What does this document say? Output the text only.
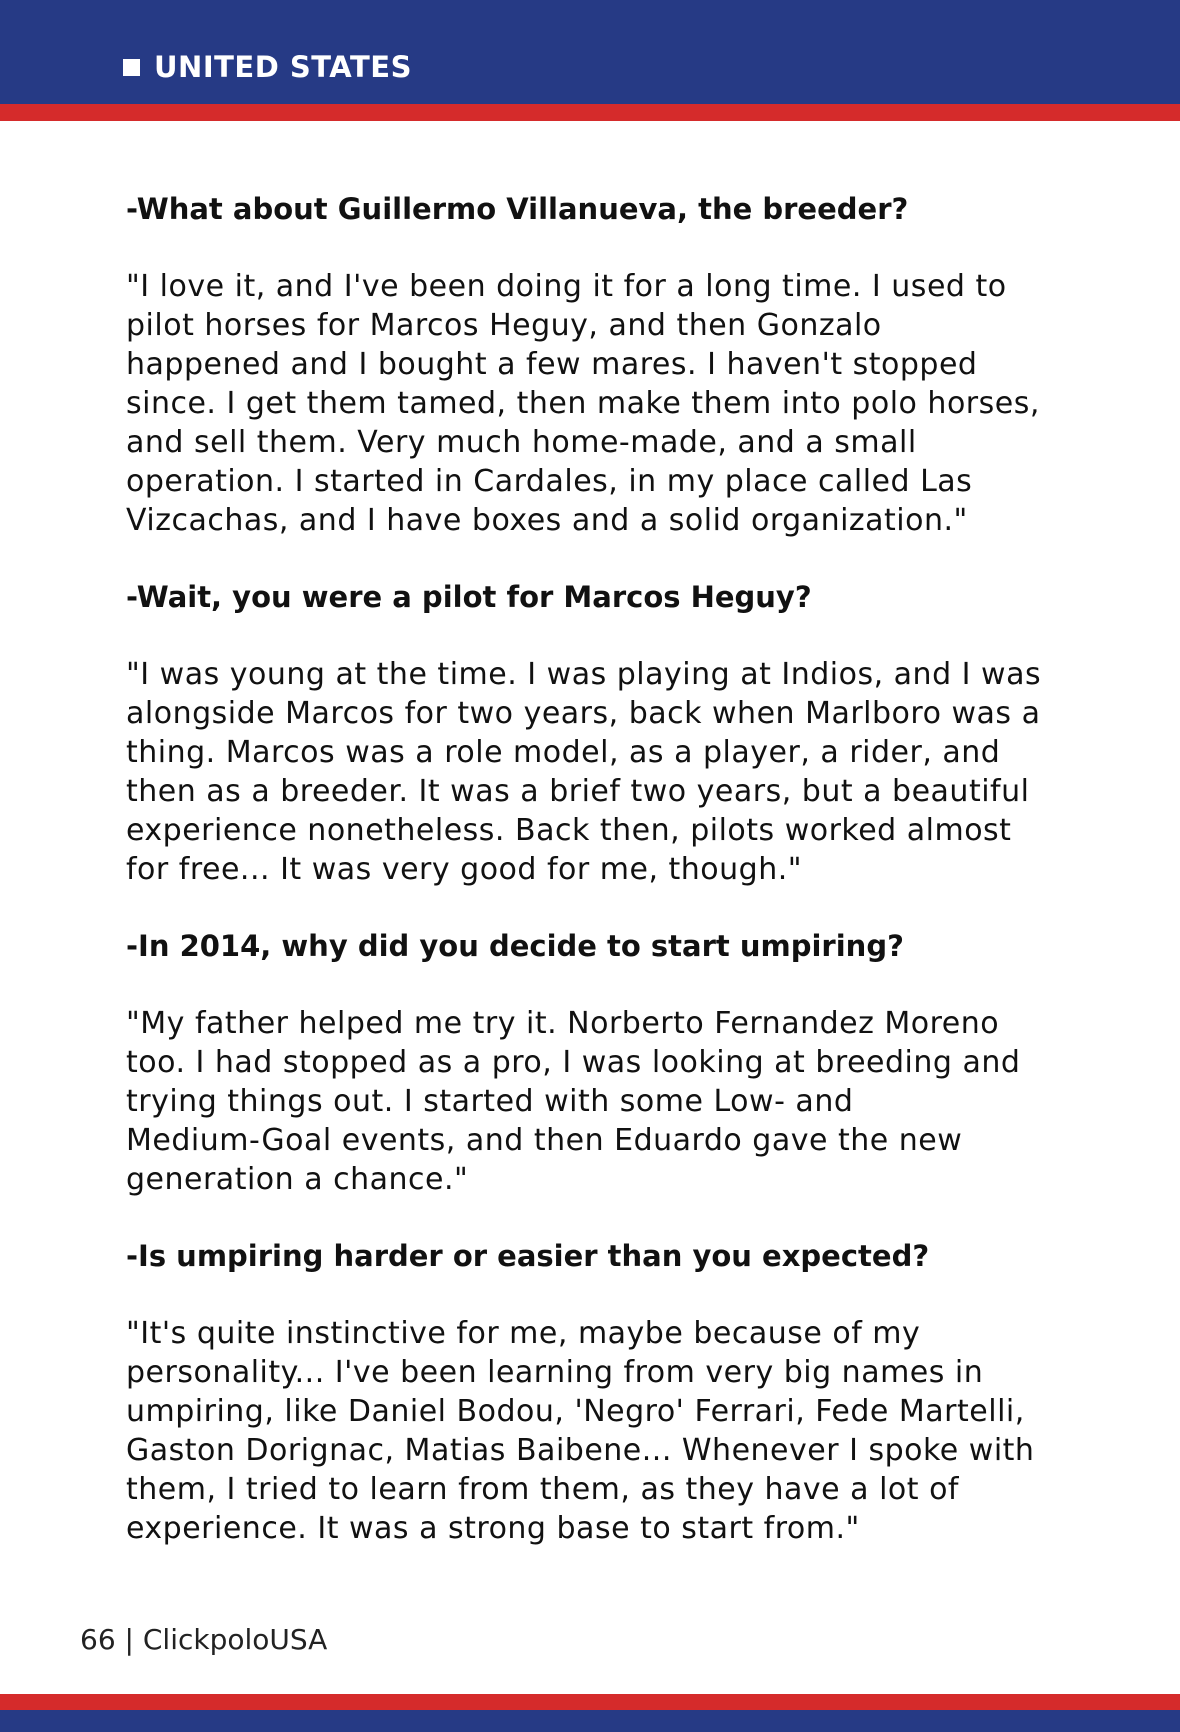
UNITED STATES
-What about Guillermo Villanueva, the breeder?
"I love it, and I've been doing it for a long time. I used to
pilot horses for Marcos Heguy, and then Gonzalo
happened and I bought a few mares. I haven't stopped
since. I get them tamed, then make them into polo horses,
and sell them. Very much home-made, and a small
operation. I started in Cardales, in my place called Las
Vizcachas, and I have boxes and a solid organization."
-Wait, you were a pilot for Marcos Heguy?
"I was young at the time. I was playing at Indios, and I was
alongside Marcos for two years, back when Marlboro was a
thing. Marcos was a role model, as a player, a rider, and
then as a breeder. It was a brief two years, but a beautiful
experience nonetheless. Back then, pilots worked almost
for free... It was very good for me, though."
-In 2014, why did you decide to start umpiring?
"My father helped me try it. Norberto Fernandez Moreno
too. I had stopped as a pro, I was looking at breeding and
trying things out. I started with some Low- and
Medium-Goal events, and then Eduardo gave the new
generation a chance."
-Is umpiring harder or easier than you expected?
"It's quite instinctive for me, maybe because of my
personality... I've been learning from very big names in
umpiring, like Daniel Bodou, 'Negro' Ferrari, Fede Martelli,
Gaston Dorignac, Matias Baibene... Whenever I spoke with
them, I tried to learn from them, as they have a lot of
experience. It was a strong base to start from."
66 | ClickpoloUSA
